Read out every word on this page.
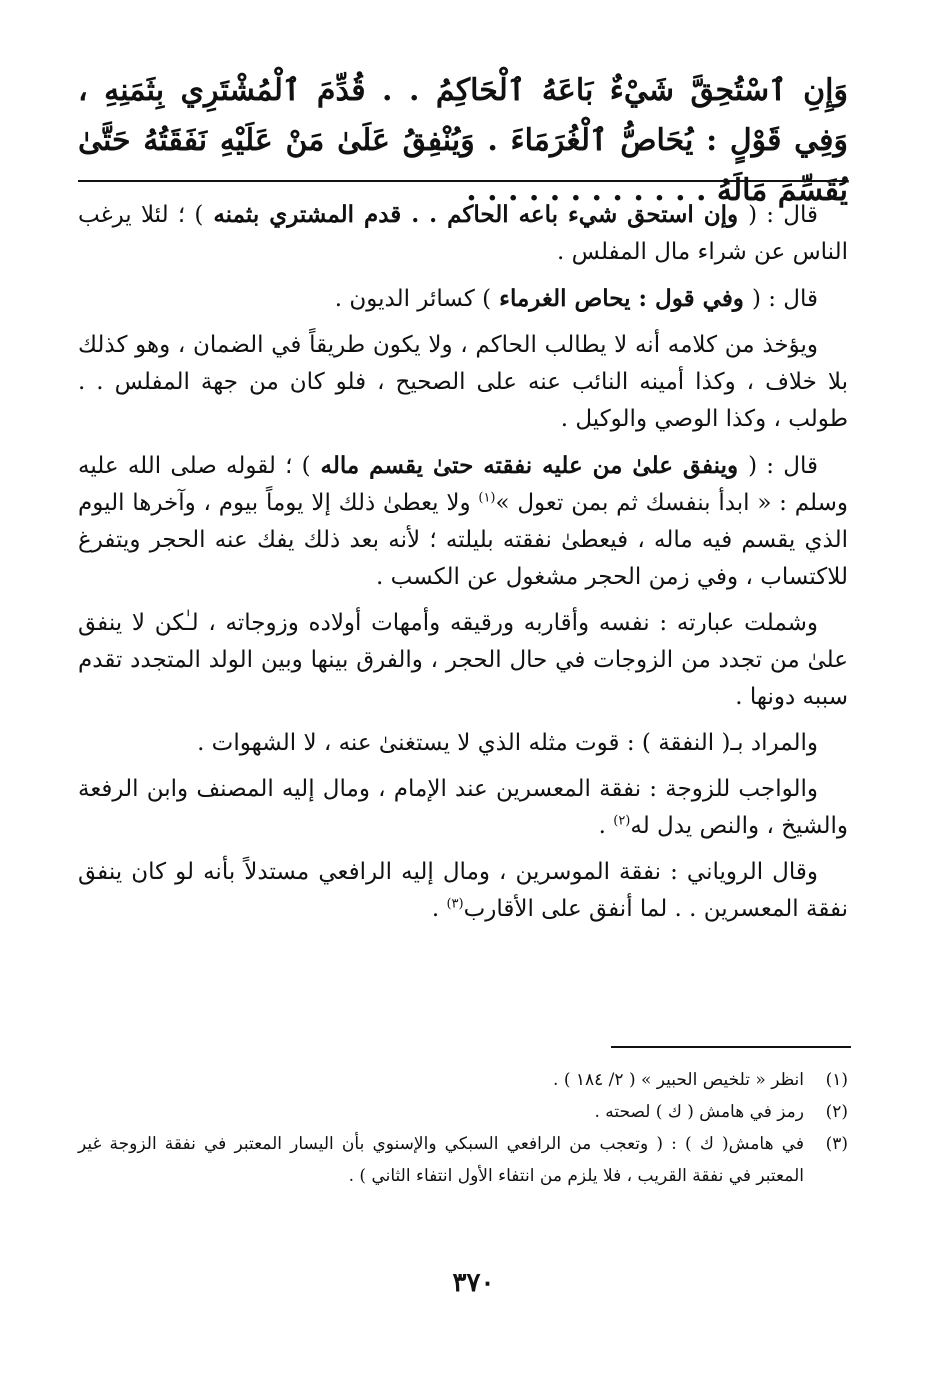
وَإِنِ ٱسْتُحِقَّ شَيْءٌ بَاعَهُ ٱلْحَاكِمُ . . قُدِّمَ ٱلْمُشْتَرِي بِثَمَنِهِ ، وَفِي قَوْلٍ : يُحَاصُّ ٱلْغُرَمَاءَ . وَيُنْفِقُ عَلَىٰ مَنْ عَلَيْهِ نَفَقَتُهُ حَتَّىٰ يُقَسِّمَ مَالَهُ . . . . . . . . . . . .

قال : ( وإن استحق شيء باعه الحاكم . . قدم المشتري بثمنه ) ؛ لئلا يرغب الناس عن شراء مال المفلس .

قال : ( وفي قول : يحاص الغرماء ) كسائر الديون .

ويؤخذ من كلامه أنه لا يطالب الحاكم ، ولا يكون طريقاً في الضمان ، وهو كذلك بلا خلاف ، وكذا أمينه النائب عنه على الصحيح ، فلو كان من جهة المفلس . . طولب ، وكذا الوصي والوكيل .

قال : ( وينفق علىٰ من عليه نفقته حتىٰ يقسم ماله ) ؛ لقوله صلى الله عليه وسلم : « ابدأ بنفسك ثم بمن تعول »$^{(١)}$ ولا يعطىٰ ذلك إلا يوماً بيوم ، وآخرها اليوم الذي يقسم فيه ماله ، فيعطىٰ نفقته بليلته ؛ لأنه بعد ذلك يفك عنه الحجر ويتفرغ للاكتساب ، وفي زمن الحجر مشغول عن الكسب .

وشملت عبارته : نفسه وأقاربه ورقيقه وأمهات أولاده وزوجاته ، لـٰكن لا ينفق علىٰ من تجدد من الزوجات في حال الحجر ، والفرق بينها وبين الولد المتجدد تقدم سببه دونها .

والمراد بـ( النفقة ) : قوت مثله الذي لا يستغنىٰ عنه ، لا الشهوات .

والواجب للزوجة : نفقة المعسرين عند الإمام ، ومال إليه المصنف وابن الرفعة والشيخ ، والنص يدل له$^{(٢)}$ .

وقال الروياني : نفقة الموسرين ، ومال إليه الرافعي مستدلاً بأنه لو كان ينفق نفقة المعسرين . . لما أنفق على الأقارب$^{(٣)}$ .

(١)
انظر « تلخيص الحبير » ( ٢/ ١٨٤ ) .
(٢)
رمز في هامش ( ك ) لصحته .
(٣)
في هامش( ك ) : ( وتعجب من الرافعي السبكي والإسنوي بأن اليسار المعتبر في نفقة الزوجة غير المعتبر في نفقة القريب ، فلا يلزم من انتفاء الأول انتفاء الثاني ) .
٣٧٠
